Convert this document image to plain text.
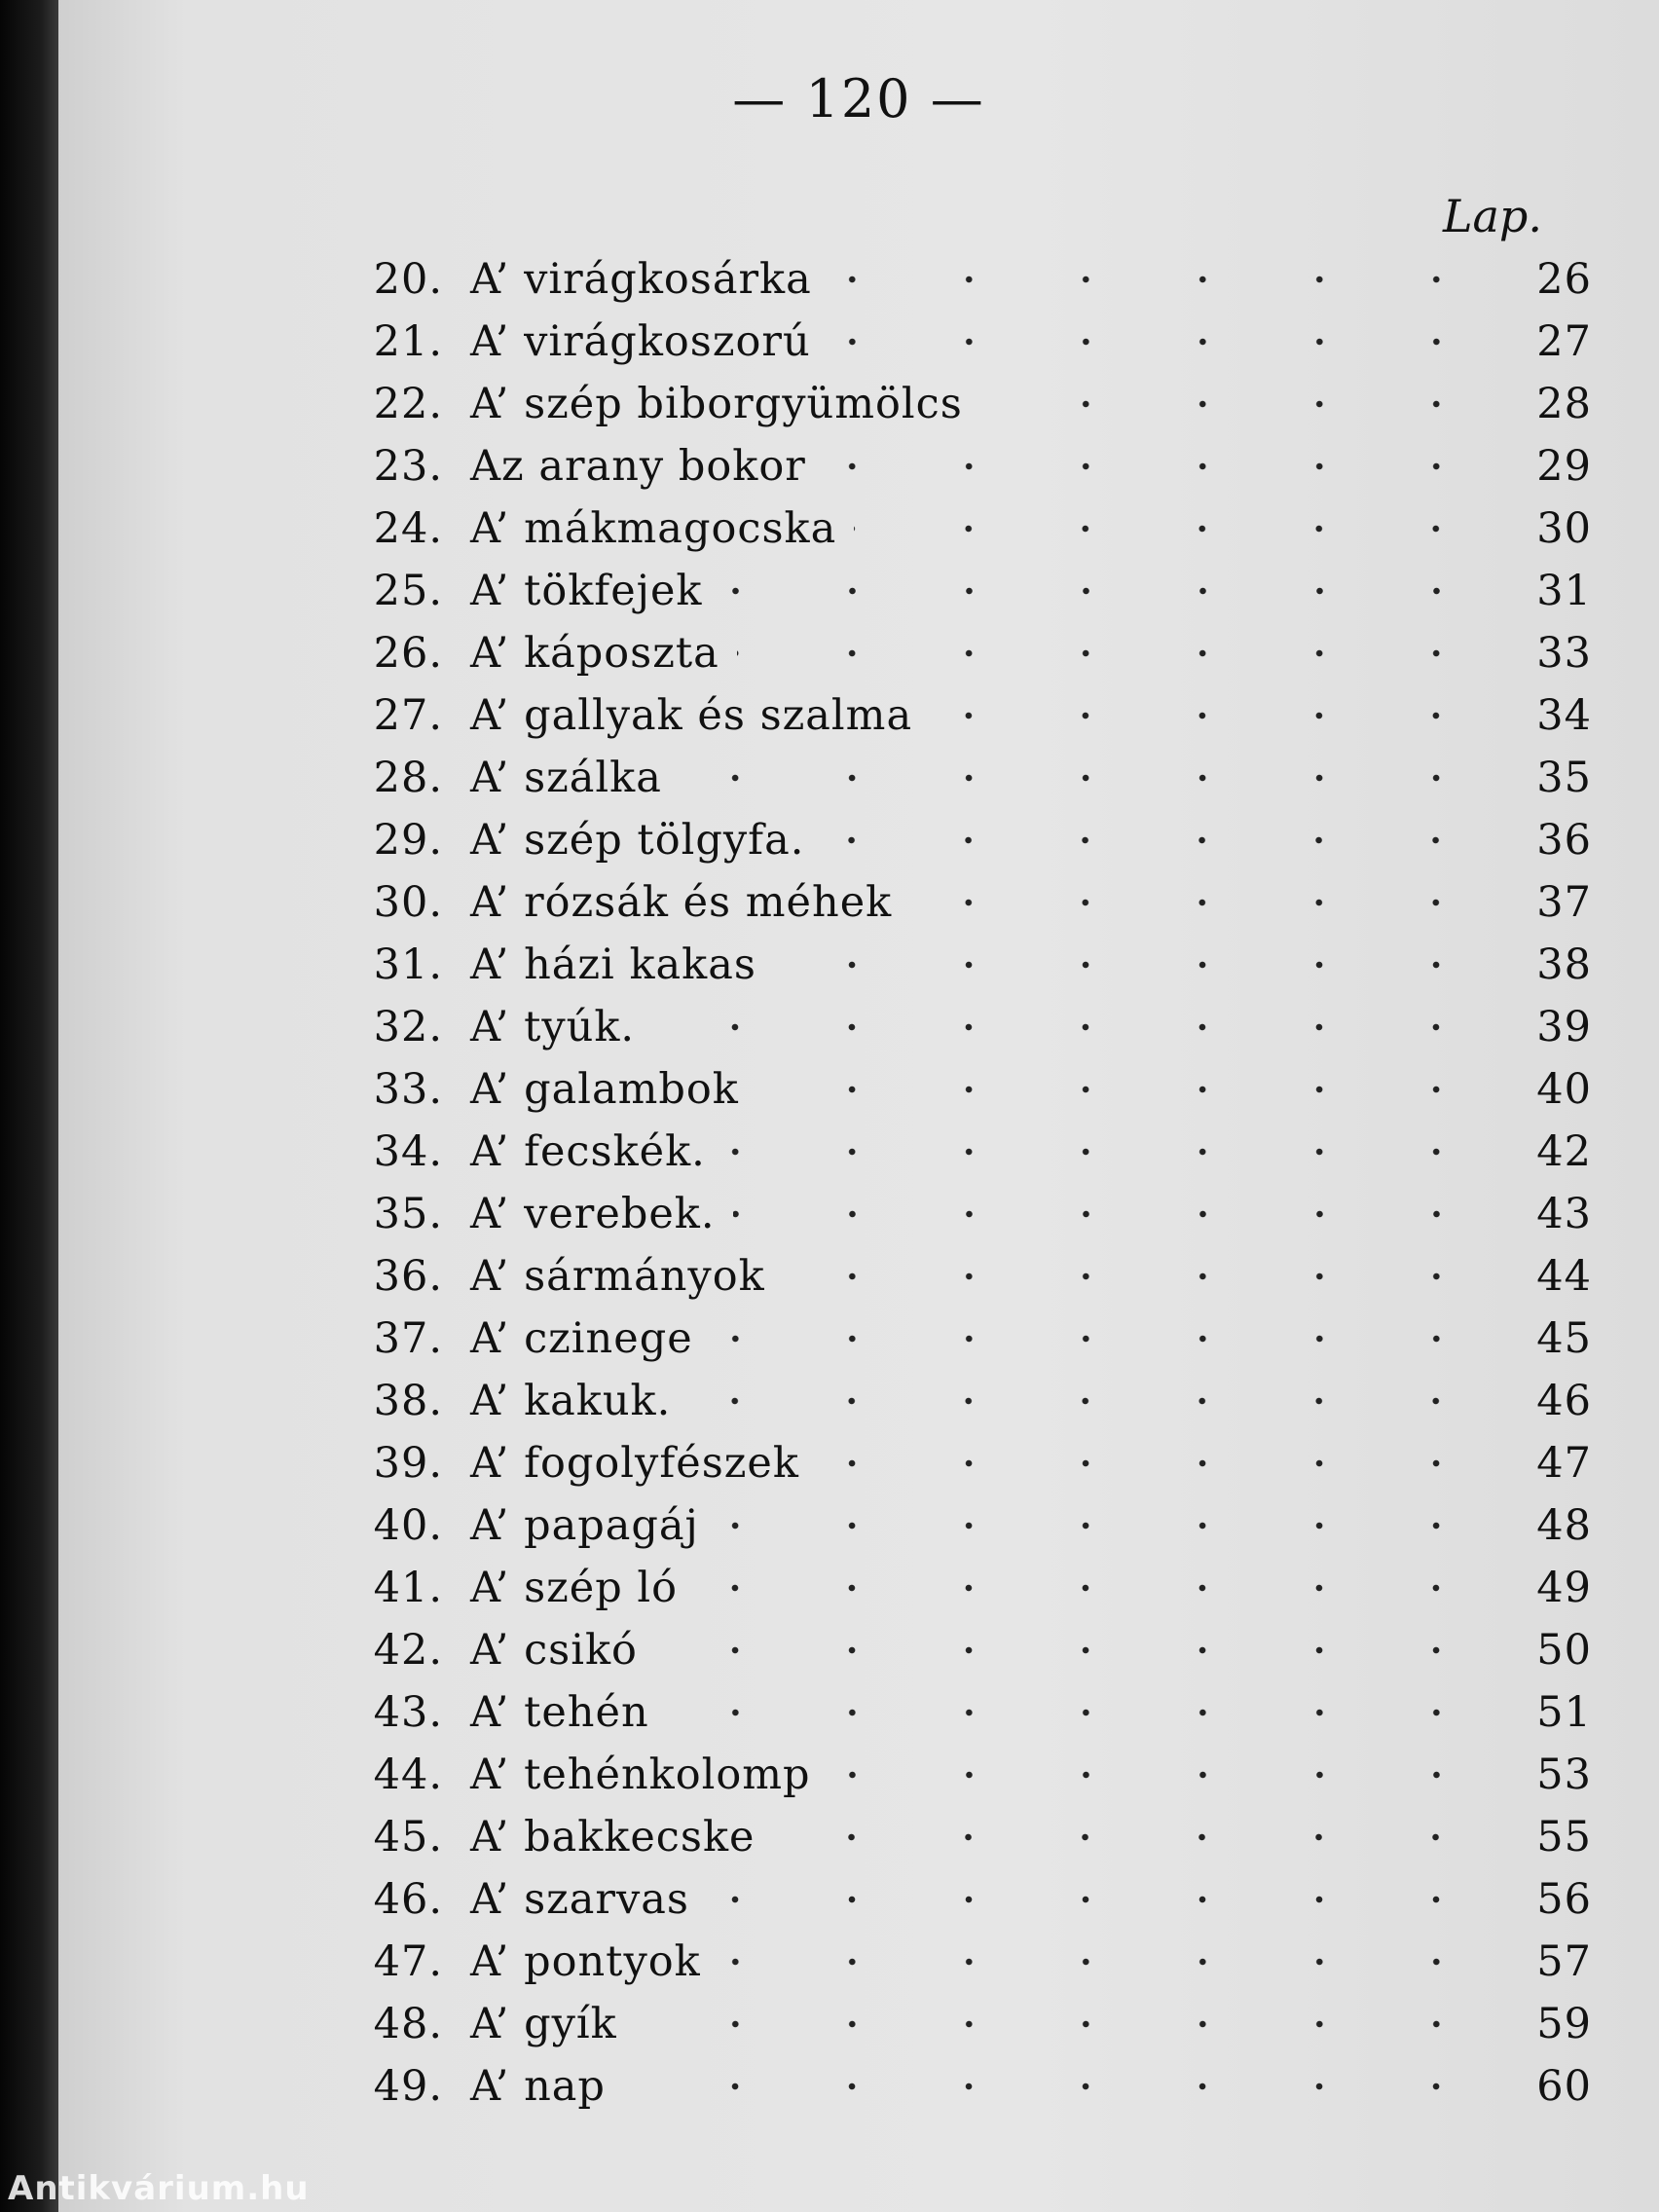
— 120 —
Lap.
20. A’ virágkosárka	26
21. A’ virágkoszorú	27
22. A’ szép biborgyümölcs	28
23. Az arany bokor	29
24. A’ mákmagocska	30
25. A’ tökfejek	31
26. A’ káposzta	33
27. A’ gallyak és szalma	34
28. A’ szálka	35
29. A’ szép tölgyfa.	36
30. A’ rózsák és méhek	37
31. A’ házi kakas	38
32. A’ tyúk.	39
33. A’ galambok	40
34. A’ fecskék.	42
35. A’ verebek.	43
36. A’ sármányok	44
37. A’ czinege	45
38. A’ kakuk.	46
39. A’ fogolyfészek	47
40. A’ papagáj	48
41. A’ szép ló	49
42. A’ csikó	50
43. A’ tehén	51
44. A’ tehénkolomp	53
45. A’ bakkecske	55
46. A’ szarvas	56
47. A’ pontyok	57
48. A’ gyík	59
49. A’ nap	60
Antikvárium.hu
